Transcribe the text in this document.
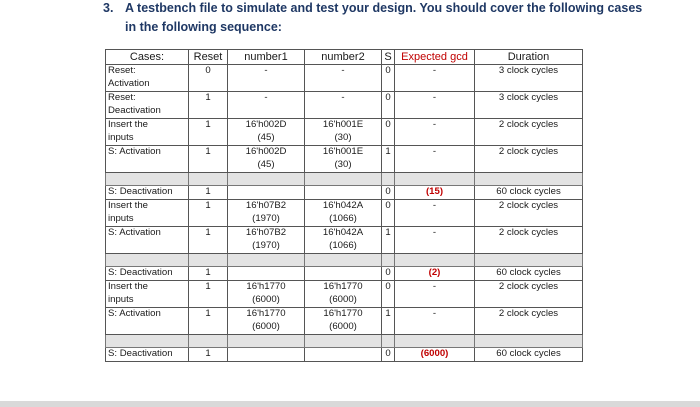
3. A testbench file to simulate and test your design. You should cover the following cases
in the following sequence:
Cases:	Reset	number1	number2	S	Expected gcd	Duration
Reset:
Activation	0	-	-	0	-	3 clock cycles
Reset:
Deactivation	1	-	-	0	-	3 clock cycles
Insert the
inputs	1	16'h002D
(45)	16'h001E
(30)	0	-	2 clock cycles
S: Activation	1	16'h002D
(45)	16'h001E
(30)	1	-	2 clock cycles

S: Deactivation	1			0	(15)	60 clock cycles
Insert the
inputs	1	16'h07B2
(1970)	16'h042A
(1066)	0	-	2 clock cycles
S: Activation	1	16'h07B2
(1970)	16'h042A
(1066)	1	-	2 clock cycles

S: Deactivation	1			0	(2)	60 clock cycles
Insert the
inputs	1	16'h1770
(6000)	16'h1770
(6000)	0	-	2 clock cycles
S: Activation	1	16'h1770
(6000)	16'h1770
(6000)	1	-	2 clock cycles

S: Deactivation	1			0	(6000)	60 clock cycles
